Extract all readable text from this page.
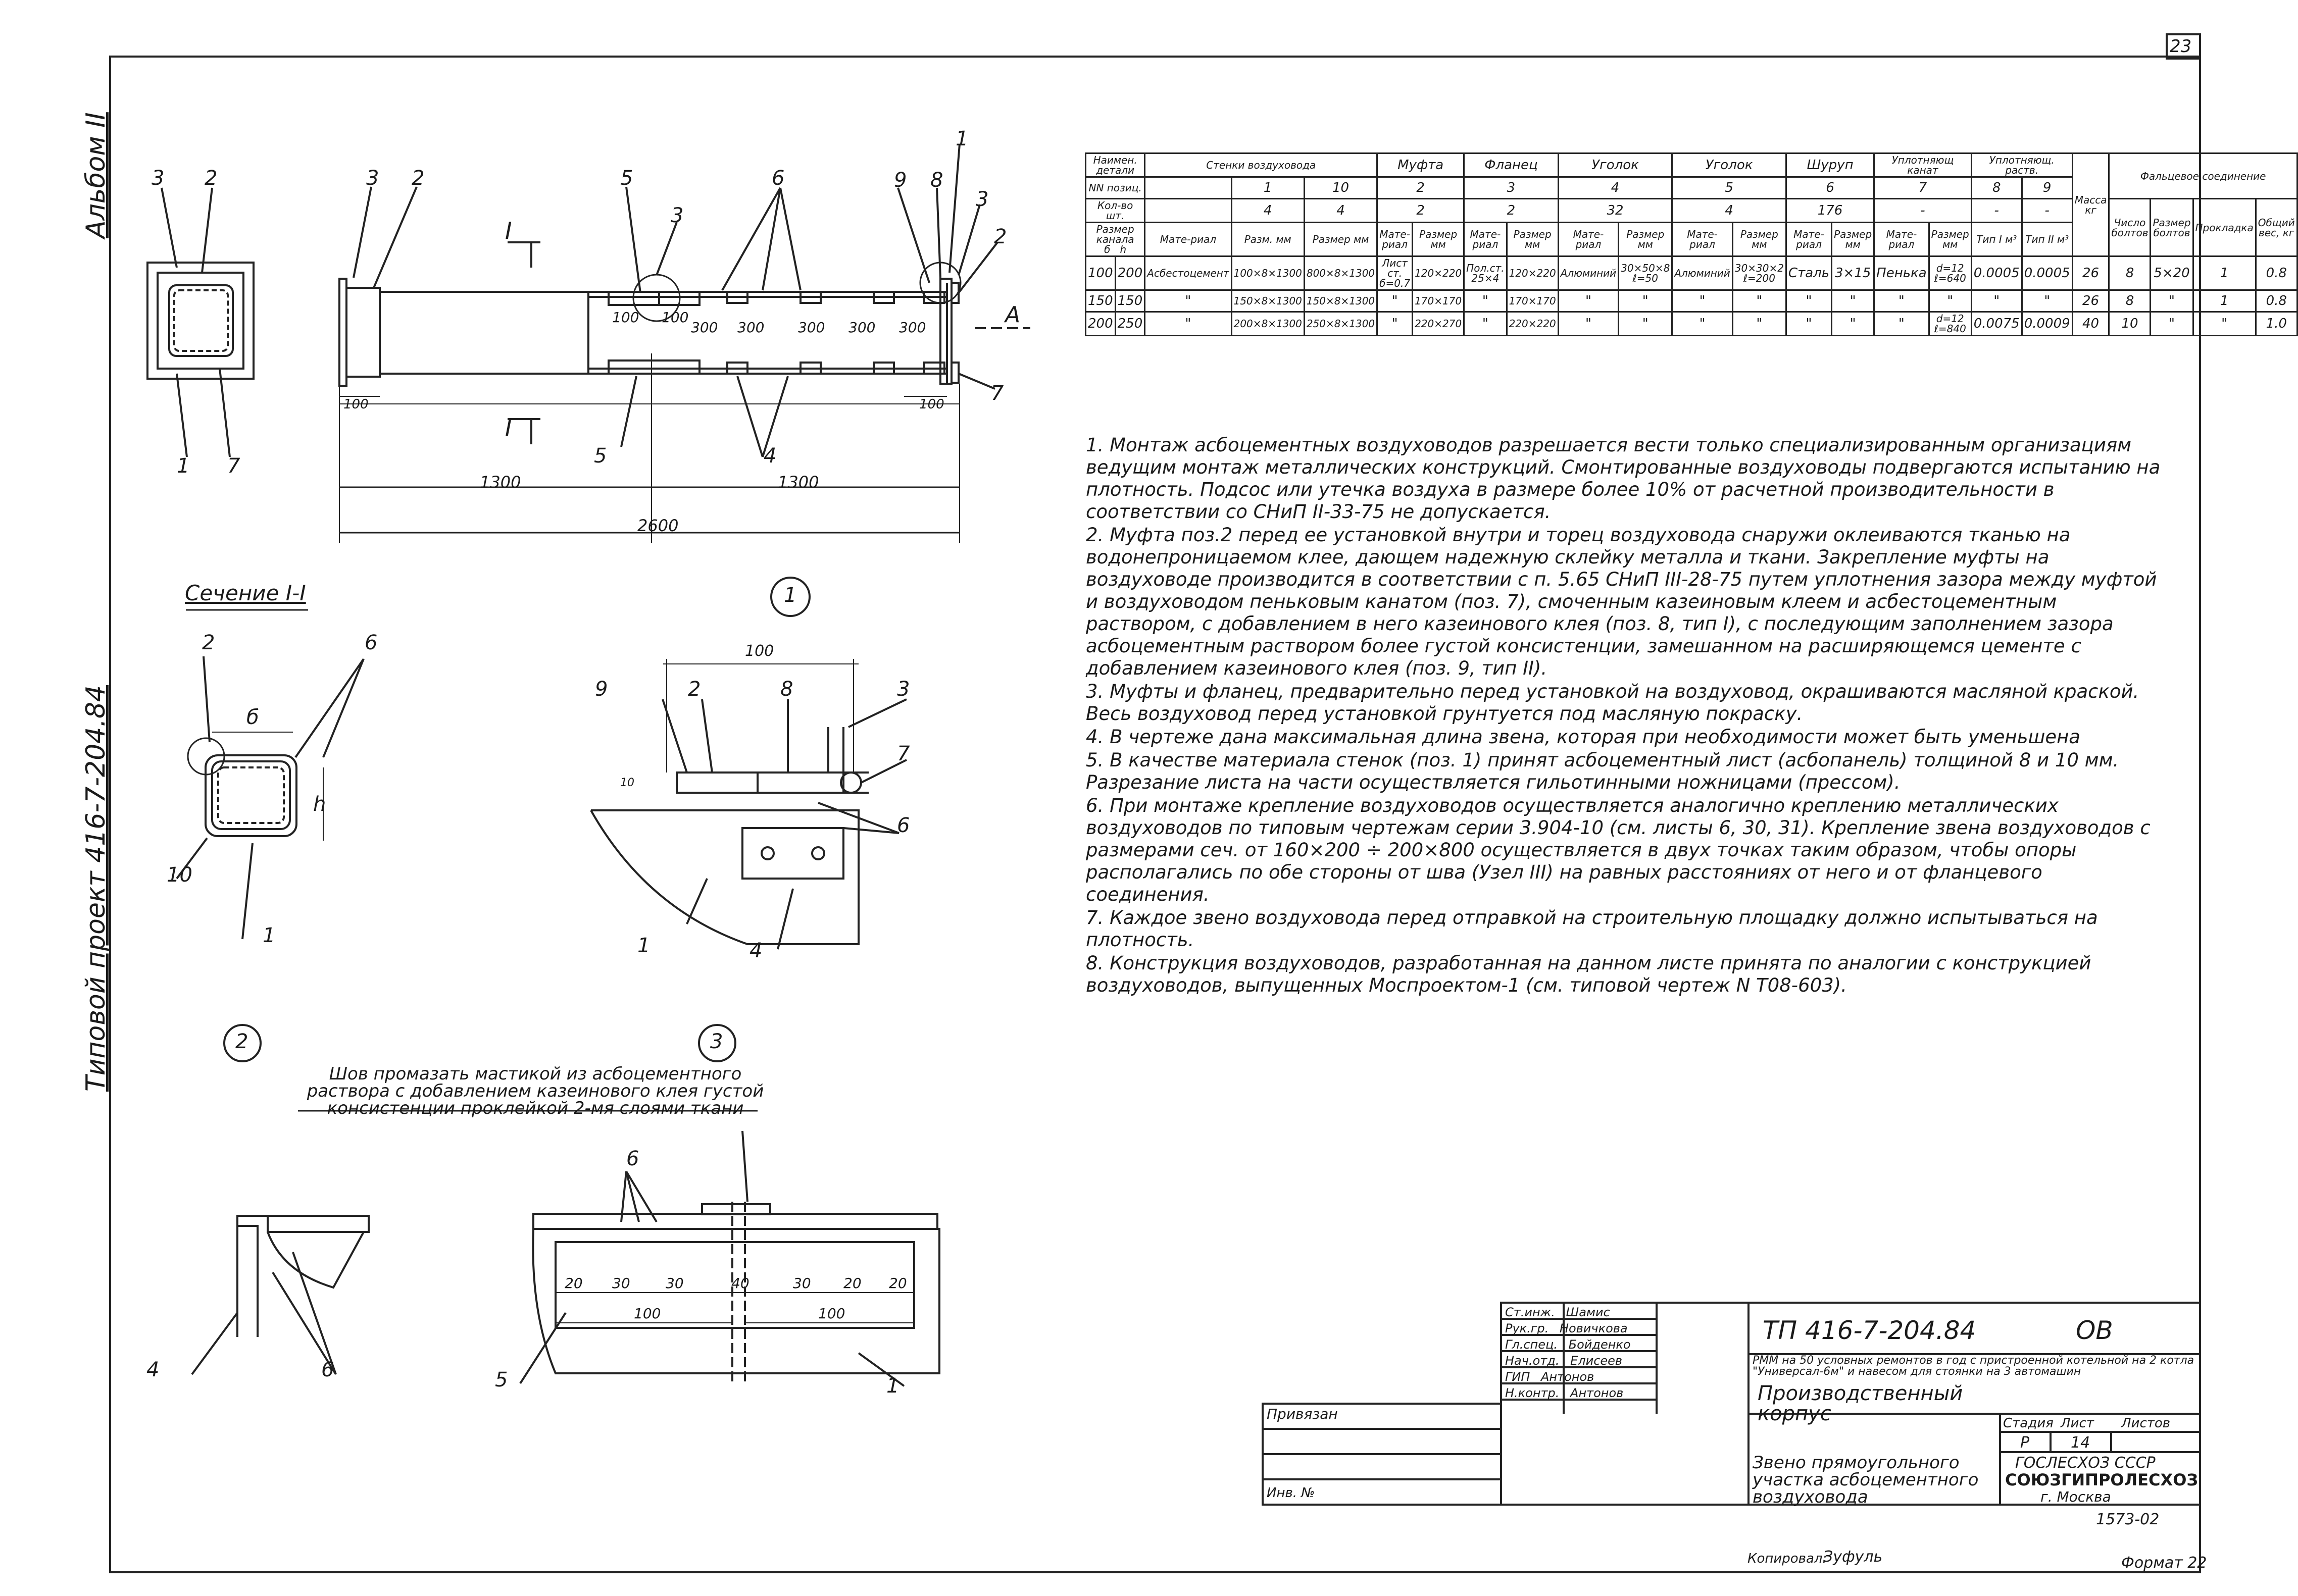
23
Альбом II
Типовой проект 416-7-204.84
3 2	3 2
1
5
3
6	9 8
1
3
2
7
5
7	4
I
I
А
100 100
300 300 300 300 300
100	100
1300	1300
2600
Сечение I-I
2	6
б
h
10
1
1
100
10
9	2	8	3
7
6
1	4
2
4	6
3
Шов промазать мастикой из асбоцементного раствора с добавлением казеинового клея густой консистенции проклейкой 2-мя слоями ткани
6
5	1
20 30	30	40	30 20 20
100	100
Наимен. детали		Стенки воздуховода			Муфта		Фланец		Уголок		Уголок		Шуруп		Уплотняющ канат		Уплотняющ. раств.		Масса кг	Фальцевое соединение			
NN позиц.			1	10	2		3		4		5		6		7		8	9					
Кол-во шт.			4	4	2		2		32		4		176		-		-	-		Число болтов	Размер болтов	Прокладка	Общий вес, кг
Размер канала
б h		Мате-риал	Разм. мм	Размер мм	Мате-риал	Размер мм	Мате-риал	Размер мм	Мате-риал	Размер мм	Мате-риал	Размер мм	Мате-риал	Размер мм	Мате-риал	Размер мм	Тип I м³	Тип II м³					
100	200	Асбестоцемент	100×8×1300	800×8×1300	Лист ст. б=0.7	120×220	Пол.ст. 25×4	120×220	Алюминий	30×50×8 ℓ=50	Алюминий	30×30×2 ℓ=200	Сталь	3×15	Пенька	d=12 ℓ=640	0.0005	0.0005	26	8	5×20	1	0.8
150	150	"	150×8×1300	150×8×1300	"	170×170	"	170×170	"	"	"	"	"	"	"	"	"	"	26	8	"	1	0.8
200	250	"	200×8×1300	250×8×1300	"	220×270	"	220×220	"	"	"	"	"	"	"	d=12 ℓ=840	0.0075	0.0009	40	10	"	"	1.0

1. Монтаж асбоцементных воздуховодов разрешается вести только специализированным организациям ведущим монтаж металлических конструкций. Смонтированные воздуховоды подвергаются испытанию на плотность. Подсос или утечка воздуха в размере более 10% от расчетной производительности в соответствии со СНиП II-33-75 не допускается.

2. Муфта поз.2 перед ее установкой внутри и торец воздуховода снаружи оклеиваются тканью на водонепроницаемом клее, дающем надежную склейку металла и ткани. Закрепление муфты на воздуховоде производится в соответствии с п. 5.65 СНиП III-28-75 путем уплотнения зазора между муфтой и воздуховодом пеньковым канатом (поз. 7), смоченным казеиновым клеем и асбестоцементным раствором, с добавлением в него казеинового клея (поз. 8, тип I), с последующим заполнением зазора асбоцементным раствором более густой консистенции, замешанном на расширяющемся цементе с добавлением казеинового клея (поз. 9, тип II).

3. Муфты и фланец, предварительно перед установкой на воздуховод, окрашиваются масляной краской. Весь воздуховод перед установкой грунтуется под масляную покраску.

4. В чертеже дана максимальная длина звена, которая при необходимости может быть уменьшена

5. В качестве материала стенок (поз. 1) принят асбоцементный лист (асбопанель) толщиной 8 и 10 мм. Разрезание листа на части осуществляется гильотинными ножницами (прессом).

6. При монтаже крепление воздуховодов осуществляется аналогично креплению металлических воздуховодов по типовым чертежам серии 3.904-10 (см. листы 6, 30, 31). Крепление звена воздуховодов с размерами сеч. от 160×200 ÷ 200×800 осуществляется в двух точках таким образом, чтобы опоры располагались по обе стороны от шва (Узел III) на равных расстояниях от него и от фланцевого соединения.

7. Каждое звено воздуховода перед отправкой на строительную площадку должно испытываться на плотность.

8. Конструкция воздуховодов, разработанная на данном листе принята по аналогии с конструкцией воздуховодов, выпущенных Моспроектом-1 (см. типовой чертеж N Т08-603).

Ст.инж. Шамис
Рук.гр. Новичкова
Гл.спец. Бойденко
Нач.отд. Елисеев
ГИП Антонов
Н.контр. Антонов
Привязан
Инв. №
ТП 416-7-204.84	ОВ
РММ на 50 условных ремонтов в год с пристроенной котельной на 2 котла "Универсал-6м" и навесом для стоянки на 3 автомашин
Производственный корпус	Стадия Лист Листов
Р	14
Звено прямоугольного участка асбоцементного воздуховода
ГОСЛЕСХОЗ СССР
СОЮЗГИПРОЛЕСХОЗ
г. Москва
1573-02
Копировал:
Зуфуль	Формат 22
